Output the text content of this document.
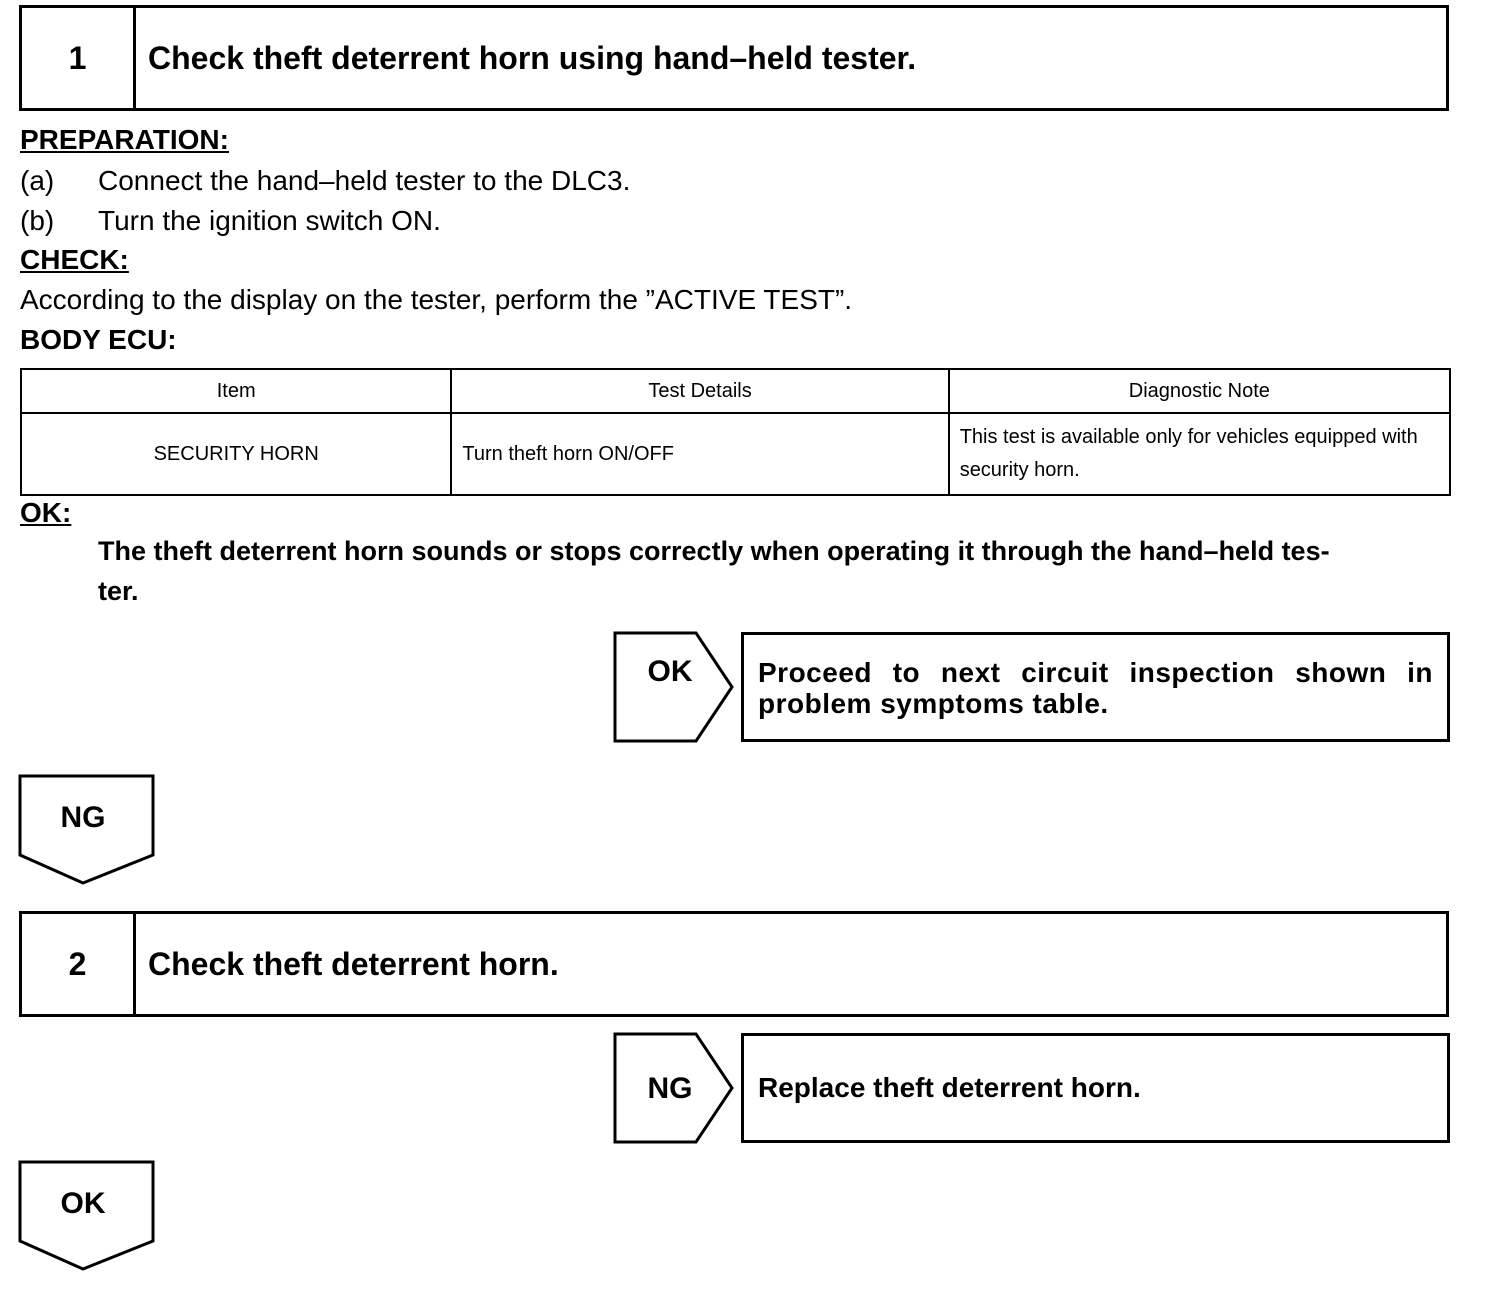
1	Check theft deterrent horn using hand–held tester.
PREPARATION:
(a) Connect the hand–held tester to the DLC3.
(b) Turn the ignition switch ON.
CHECK:
According to the display on the tester, perform the ”ACTIVE TEST”.
BODY ECU:
Item	Test Details	Diagnostic Note
SECURITY HORN	Turn theft horn ON/OFF	This test is available only for vehicles equipped with security horn.
OK:
The theft deterrent horn sounds or stops correctly when operating it through the hand–held tes-
ter.
OK	Proceed to next circuit inspection shown in problem symptoms table.
NG
2	Check theft deterrent horn.
NG	Replace theft deterrent horn.
OK
